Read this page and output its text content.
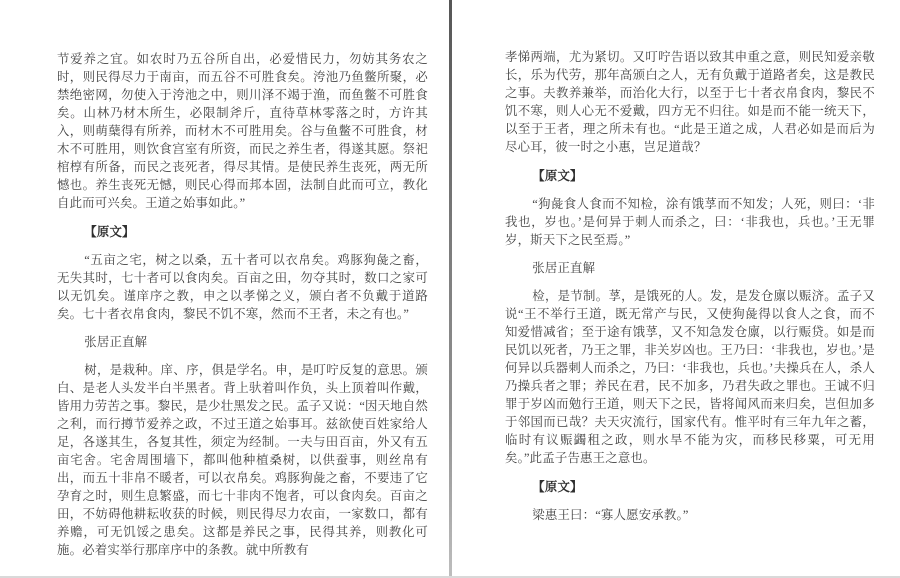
节爱养之宜。如农时乃五谷所自出，必爱惜民力，勿妨其务农之时，则民得尽力于南亩，而五谷不可胜食矣。洿池乃鱼鳖所聚，必禁绝密网，勿使入于洿池之中，则川泽不竭于渔，而鱼鳖不可胜食矣。山林乃材木所生，必限制斧斤，直待草林零落之时，方许其入，则萌蘖得有所养，而材木不可胜用矣。谷与鱼鳖不可胜食，材木不可胜用，则饮食宫室有所资，而民之养生者，得遂其愿。祭祀棺椁有所备，而民之丧死者，得尽其情。是使民养生丧死，两无所憾也。养生丧死无憾，则民心得而邦本固，法制自此而可立，教化自此而可兴矣。王道之始事如此。”

【原文】

“五亩之宅，树之以桑，五十者可以衣帛矣。鸡豚狗彘之畜，无失其时，七十者可以食肉矣。百亩之田，勿夺其时，数口之家可以无饥矣。谨庠序之教，申之以孝悌之义，颁白者不负戴于道路矣。七十者衣帛食肉，黎民不饥不寒，然而不王者，未之有也。”

张居正直解

树，是栽种。庠、序，俱是学名。申，是叮咛反复的意思。颁白、是老人头发半白半黑者。背上驮着叫作负，头上顶着叫作戴，皆用力劳苦之事。黎民，是少壮黑发之民。孟子又说：“因天地自然之利，而行撙节爱养之政，不过王道之始事耳。兹欲使百姓家给人足，各遂其生，各复其性，须定为经制。一夫与田百亩，外又有五亩宅舍。宅舍周围墙下，都叫他种植桑树，以供蚕事，则丝帛有出，而五十非帛不暖者，可以衣帛矣。鸡豚狗彘之畜，不要违了它孕育之时，则生息繁盛，而七十非肉不饱者，可以食肉矣。百亩之田，不妨碍他耕耘收获的时候，则民得尽力农亩，一家数口，都有养赡，可无饥馁之患矣。这都是养民之事，民得其养，则教化可施。必着实举行那庠序中的条教。就中所教有

孝悌两端，尤为紧切。又叮咛告语以致其申重之意，则民知爱亲敬长，乐为代劳，那年高颁白之人，无有负戴于道路者矣，这是教民之事。夫教养兼举，而治化大行，以至于七十者衣帛食肉，黎民不饥不寒，则人心无不爱戴，四方无不归往。如是而不能一统天下，以至于王者，理之所未有也。“此是王道之成，人君必如是而后为尽心耳，彼一时之小惠，岂足道哉？

【原文】

“狗彘食人食而不知检，涂有饿莩而不知发；人死，则曰：‘非我也，岁也。’是何异于刺人而杀之，曰：‘非我也，兵也。’王无罪岁，斯天下之民至焉。”

张居正直解

检，是节制。莩，是饿死的人。发，是发仓廪以赈济。孟子又说“王不举行王道，既无常产与民，又使狗彘得以食人之食，而不知爱惜减省；至于途有饿莩，又不知急发仓廪，以行赈贷。如是而民饥以死者，乃王之罪，非关岁凶也。王乃曰：‘非我也，岁也。’是何异以兵器刺人而杀之，乃曰：‘非我也，兵也。’夫操兵在人，杀人乃操兵者之罪；养民在君，民不加多，乃君失政之罪也。王诚不归罪于岁凶而勉行王道，则天下之民，皆将闻风而来归矣，岂但加多于邻国而已哉？夫天灾流行，国家代有。惟平时有三年九年之蓄，临时有议赈蠲租之政，则水旱不能为灾，而移民移粟，可无用矣。”此孟子告惠王之意也。

【原文】

梁惠王曰：“寡人愿安承教。”
